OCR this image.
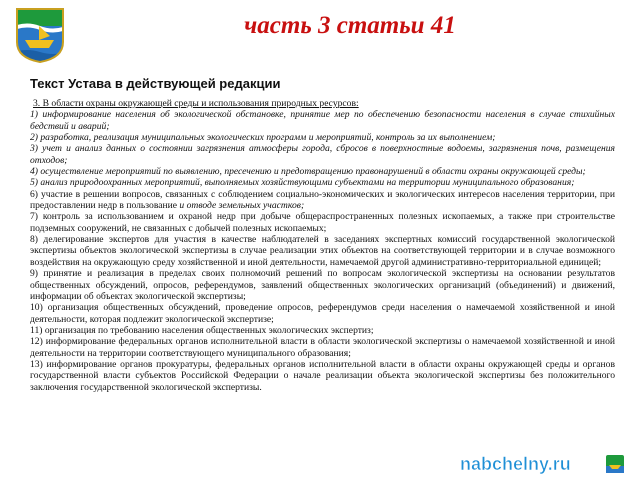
часть 3 статьи 41
Текст Устава в действующей редакции

3. В области охраны окружающей среды и использования природных ресурсов:

1) информирование населения об экологической обстановке, принятие мер по обеспечению безопасности населения в случае стихийных бедствий и аварий;

2) разработка, реализация муниципальных экологических программ и мероприятий, контроль за их выполнением;

3) учет и анализ данных о состоянии загрязнения атмосферы города, сбросов в поверхностные водоемы, загрязнения почв, размещения отходов;

4) осуществление мероприятий по выявлению, пресечению и предотвращению правонарушений в области охраны окружающей среды;

5) анализ природоохранных мероприятий, выполняемых хозяйствующими субъектами на территории муниципального образования;

6) участие в решении вопросов, связанных с соблюдением социально-экономических и экологических интересов населения территории, при предоставлении недр в пользование и отводе земельных участков;

7) контроль за использованием и охраной недр при добыче общераспространенных полезных ископаемых, а также при строительстве подземных сооружений, не связанных с добычей полезных ископаемых;

8) делегирование экспертов для участия в качестве наблюдателей в заседаниях экспертных комиссий государственной экологической экспертизы объектов экологической экспертизы в случае реализации этих объектов на соответствующей территории и в случае возможного воздействия на окружающую среду хозяйственной и иной деятельности, намечаемой другой административно-территориальной единицей;

9) принятие и реализация в пределах своих полномочий решений по вопросам экологической экспертизы на основании результатов общественных обсуждений, опросов, референдумов, заявлений общественных экологических организаций (объединений) и движений, информации об объектах экологической экспертизы;

10) организация общественных обсуждений, проведение опросов, референдумов среди населения о намечаемой хозяйственной и иной деятельности, которая подлежит экологической экспертизе;

11) организация по требованию населения общественных экологических экспертиз;

12) информирование федеральных органов исполнительной власти в области экологической экспертизы о намечаемой хозяйственной и иной деятельности на территории соответствующего муниципального образования;

13) информирование органов прокуратуры, федеральных органов исполнительной власти в области охраны окружающей среды и органов государственной власти субъектов Российской Федерации о начале реализации объекта экологической экспертизы без положительного заключения государственной экологической экспертизы.

nabchelny.ru
